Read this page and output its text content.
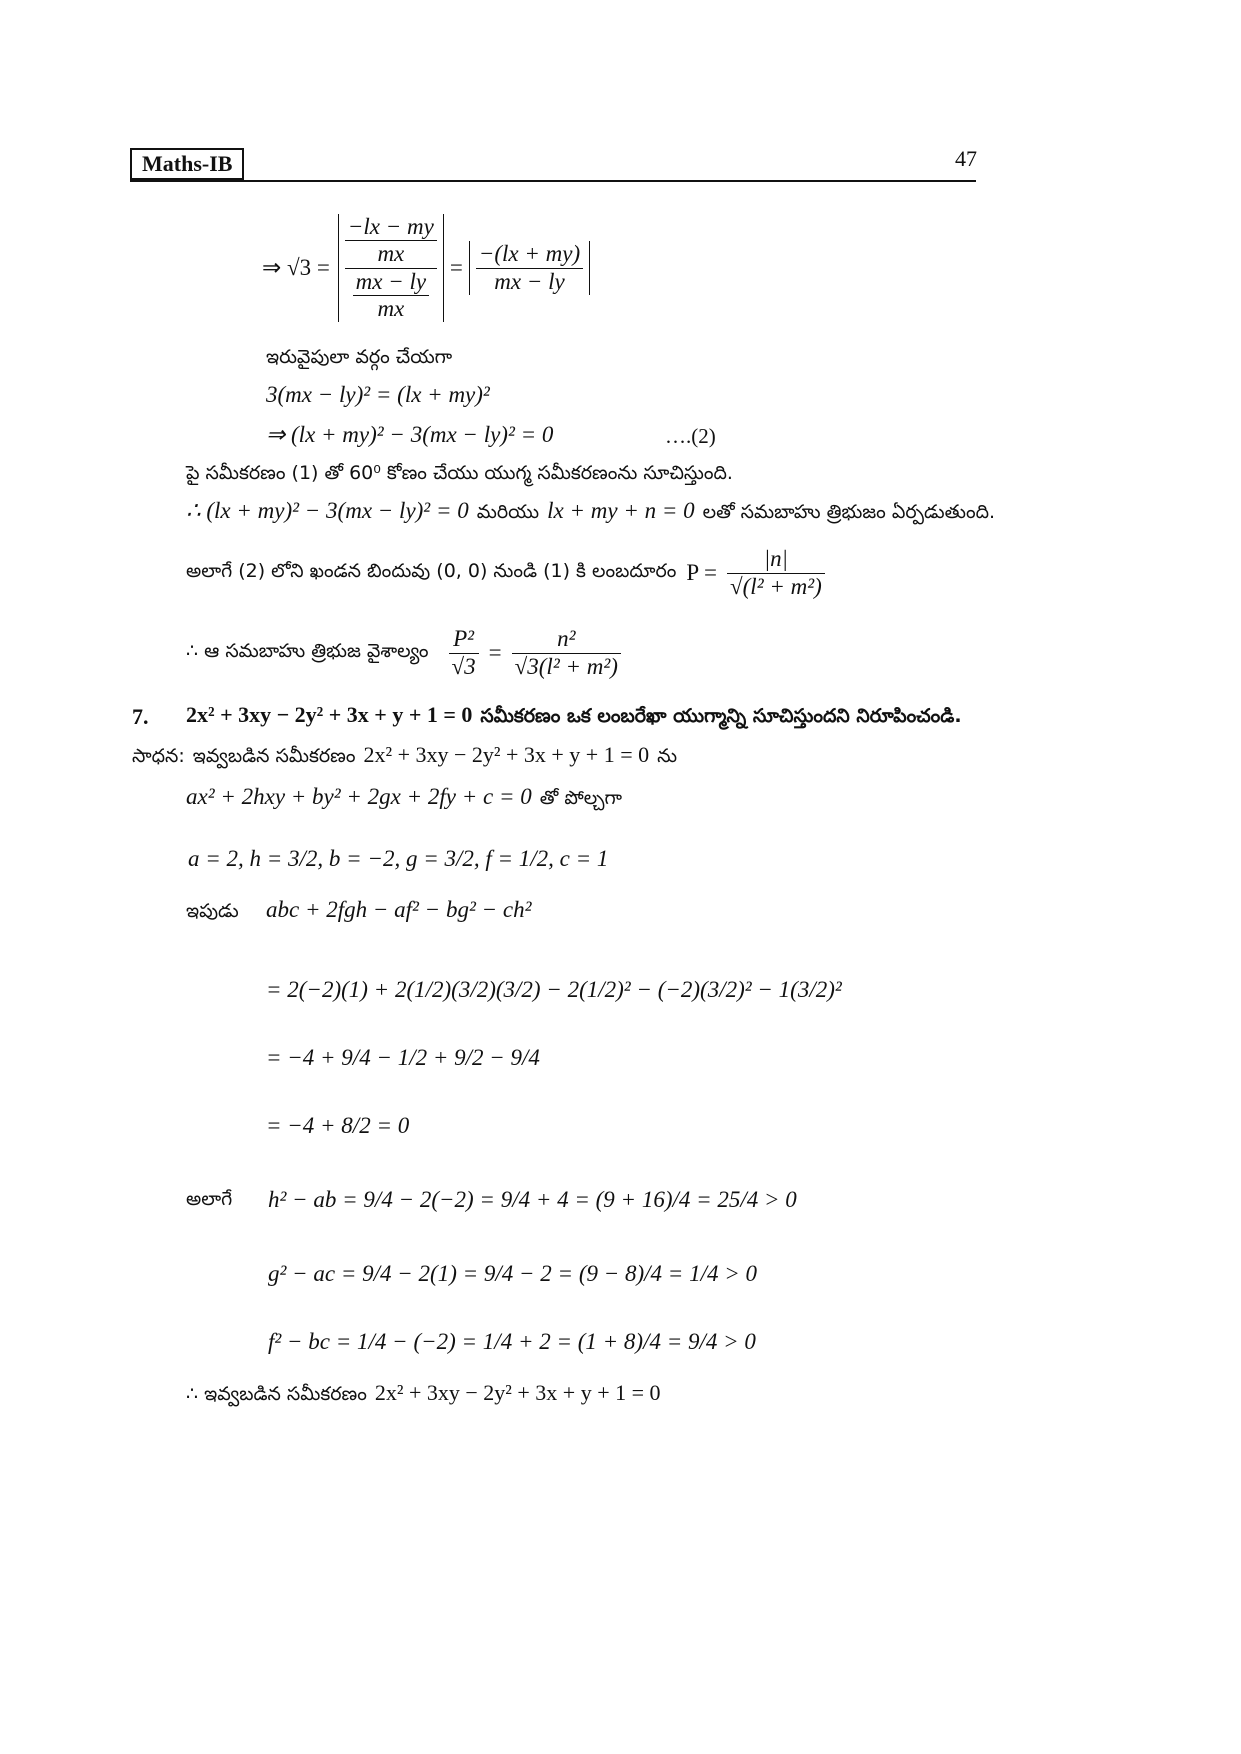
Maths-IB	47
⇒ $√3 = \frac{\frac{-lx - my}{mx}}{\frac{mx - ly}{mx}} = \frac{-(lx + my)}{mx - ly}$
ఇరువైపులా వర్గం చేయగా
3(mx − ly)² = (lx + my)²
⇒ (lx + my)² − 3(mx − ly)² = 0	….(2)
పై సమీకరణం (1) తో 60⁰ కోణం చేయు యుగ్మ సమీకరణంను సూచిస్తుంది.
∴ (lx + my)² − 3(mx − ly)² = 0 మరియు lx + my + n = 0 లతో సమబాహు త్రిభుజం ఏర్పడుతుంది.
అలాగే (2) లోని ఖండన బిందువు (0, 0) నుండి (1) కి లంబదూరం $P = \frac{|n|}{\text{√(l² + m²)}}$
∴ ఆ సమబాహు త్రిభుజ వైశాల్యం $\frac{\text{P²}}{√3} = \frac{\text{n²}}{\text{√3(l² + m²)}}$
7. 2x² + 3xy − 2y² + 3x + y + 1 = 0 సమీకరణం ఒక లంబరేఖా యుగ్మాన్ని సూచిస్తుందని నిరూపించండి.
సాధన: ఇవ్వబడిన సమీకరణం 2x² + 3xy − 2y² + 3x + y + 1 = 0 ను
ax² + 2hxy + by² + 2gx + 2fy + c = 0 తో పోల్చగా
a = 2, h = 3/2, b = −2, g = 3/2, f = 1/2, c = 1
ఇపుడు abc + 2fgh − af² − bg² − ch²
= 2(−2)(1) + 2(1/2)(3/2)(3/2) − 2(1/2)² − (−2)(3/2)² − 1(3/2)²
= −4 + 9/4 − 1/2 + 9/2 − 9/4
= −4 + 8/2 = 0
అలాగే h² − ab = 9/4 − 2(−2) = 9/4 + 4 = (9 + 16)/4 = 25/4 > 0
g² − ac = 9/4 − 2(1) = 9/4 − 2 = (9 − 8)/4 = 1/4 > 0
f² − bc = 1/4 − (−2) = 1/4 + 2 = (1 + 8)/4 = 9/4 > 0
∴ ఇవ్వబడిన సమీకరణం 2x² + 3xy − 2y² + 3x + y + 1 = 0
